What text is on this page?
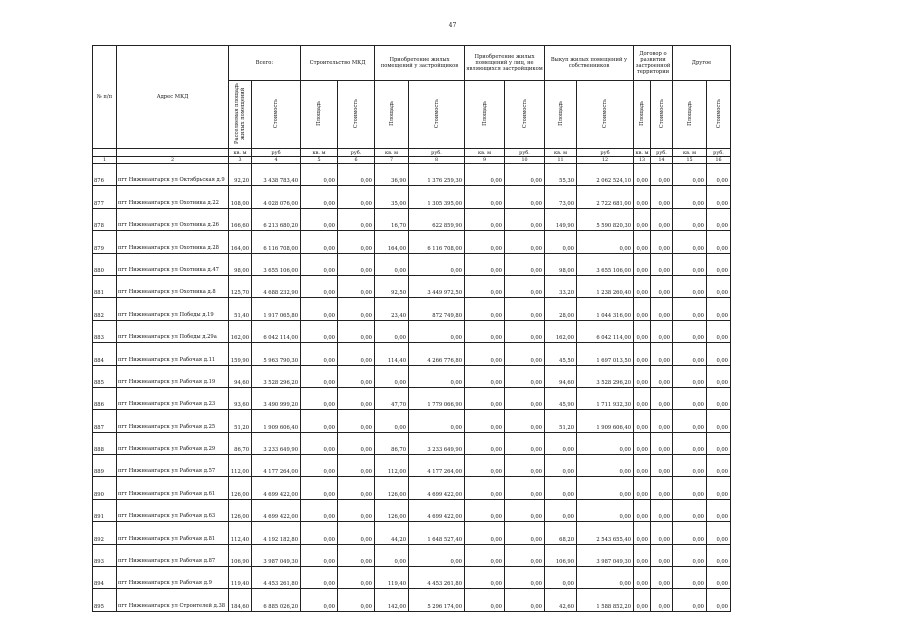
47
№ п/п	Адрес МКД	Всего:		Строительство МКД		Приобретение жилых помещений у застройщиков		Приобретение жилых помещений у лиц, не являющихся застройщиком		Выкуп жилых помещений у собственников		Договор о развитии застроенной территории		Другое	
		Расселяемая площадь жилых помещений	Стоимость	Площадь	Стоимость	Площадь	Стоимость	Площадь	Стоимость	Площадь	Стоимость	Площадь	Стоимость	Площадь	Стоимость
		кв. м	руб	кв. м	руб.	кв. м	руб.	кв. м	руб.	кв. м	руб	кв. м	руб.	кв. м	руб.
1	2	3	4	5	6	7	8	9	10	11	12	13	14	15	16
876	пгт Нижнеангарск ул Октябрьская д.9	92,20	3 438 783,40	0,00	0,00	36,90	1 376 259,30	0,00	0,00	55,30	2 062 524,10	0,00	0,00	0,00	0,00
877	пгт Нижнеангарск ул Охотника д.22	108,00	4 028 076,00	0,00	0,00	35,00	1 305 395,00	0,00	0,00	73,00	2 722 681,00	0,00	0,00	0,00	0,00
878	пгт Нижнеангарск ул Охотника д.26	166,60	6 213 680,20	0,00	0,00	16,70	622 859,90	0,00	0,00	149,90	5 590 820,30	0,00	0,00	0,00	0,00
879	пгт Нижнеангарск ул Охотника д.28	164,00	6 116 708,00	0,00	0,00	164,00	6 116 708,00	0,00	0,00	0,00	0,00	0,00	0,00	0,00	0,00
880	пгт Нижнеангарск ул Охотника д.47	98,00	3 655 106,00	0,00	0,00	0,00	0,00	0,00	0,00	98,00	3 655 106,00	0,00	0,00	0,00	0,00
881	пгт Нижнеангарск ул Охотника д.8	125,70	4 688 232,90	0,00	0,00	92,50	3 449 972,50	0,00	0,00	33,20	1 238 260,40	0,00	0,00	0,00	0,00
882	пгт Нижнеангарск ул Победы д.19	51,40	1 917 065,80	0,00	0,00	23,40	872 749,80	0,00	0,00	28,00	1 044 316,00	0,00	0,00	0,00	0,00
883	пгт Нижнеангарск ул Победы д.29а	162,00	6 042 114,00	0,00	0,00	0,00	0,00	0,00	0,00	162,00	6 042 114,00	0,00	0,00	0,00	0,00
884	пгт Нижнеангарск ул Рабочая д.11	159,90	5 963 790,30	0,00	0,00	114,40	4 266 776,80	0,00	0,00	45,50	1 697 013,50	0,00	0,00	0,00	0,00
885	пгт Нижнеангарск ул Рабочая д.19	94,60	3 528 296,20	0,00	0,00	0,00	0,00	0,00	0,00	94,60	3 528 296,20	0,00	0,00	0,00	0,00
886	пгт Нижнеангарск ул Рабочая д.23	93,60	3 490 999,20	0,00	0,00	47,70	1 779 066,90	0,00	0,00	45,90	1 711 932,30	0,00	0,00	0,00	0,00
887	пгт Нижнеангарск ул Рабочая д.25	51,20	1 909 606,40	0,00	0,00	0,00	0,00	0,00	0,00	51,20	1 909 606,40	0,00	0,00	0,00	0,00
888	пгт Нижнеангарск ул Рабочая д.29	86,70	3 233 649,90	0,00	0,00	86,70	3 233 649,90	0,00	0,00	0,00	0,00	0,00	0,00	0,00	0,00
889	пгт Нижнеангарск ул Рабочая д.57	112,00	4 177 264,00	0,00	0,00	112,00	4 177 264,00	0,00	0,00	0,00	0,00	0,00	0,00	0,00	0,00
890	пгт Нижнеангарск ул Рабочая д.61	126,00	4 699 422,00	0,00	0,00	126,00	4 699 422,00	0,00	0,00	0,00	0,00	0,00	0,00	0,00	0,00
891	пгт Нижнеангарск ул Рабочая д.63	126,00	4 699 422,00	0,00	0,00	126,00	4 699 422,00	0,00	0,00	0,00	0,00	0,00	0,00	0,00	0,00
892	пгт Нижнеангарск ул Рабочая д.81	112,40	4 192 182,80	0,00	0,00	44,20	1 648 527,40	0,00	0,00	68,20	2 543 655,40	0,00	0,00	0,00	0,00
893	пгт Нижнеангарск ул Рабочая д.87	106,90	3 987 049,30	0,00	0,00	0,00	0,00	0,00	0,00	106,90	3 987 049,30	0,00	0,00	0,00	0,00
894	пгт Нижнеангарск ул Рабочая д.9	119,40	4 453 261,80	0,00	0,00	119,40	4 453 261,80	0,00	0,00	0,00	0,00	0,00	0,00	0,00	0,00
895	пгт Нижнеангарск ул Строителей д.38	184,60	6 885 026,20	0,00	0,00	142,00	5 296 174,00	0,00	0,00	42,60	1 588 852,20	0,00	0,00	0,00	0,00
